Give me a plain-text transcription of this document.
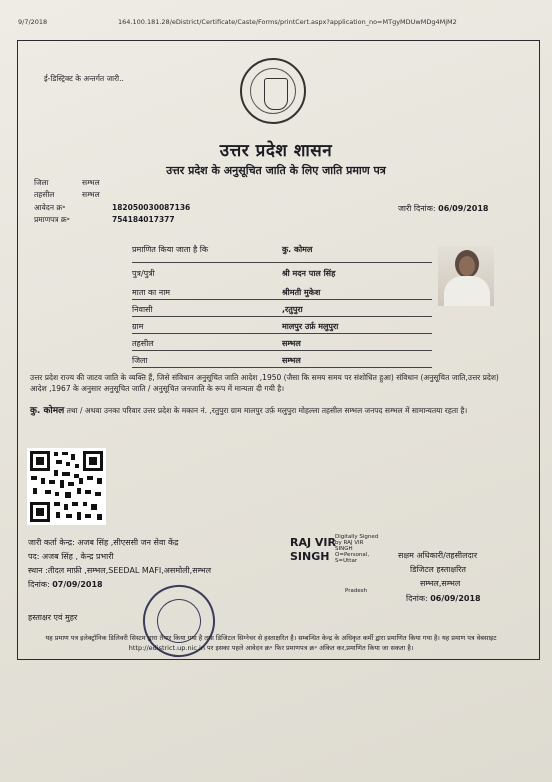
9/7/2018	164.100.181.28/eDistrict/Certificate/Caste/Forms/printCert.aspx?application_no=MTgyMDUwMDg4MjM2
ई-डिस्ट्रिक्ट के अन्तर्गत जारी..
उत्तर प्रदेश शासन
उत्तर प्रदेश के अनुसूचित जाति के लिए जाति प्रमाण पत्र
जिला	सम्भल
तहसील	सम्भल
आवेदन क्र॰	182050030087136
प्रमाणपत्र क्र॰	754184017377
जारी दिनांक: 06/09/2018
प्रमाणित किया जाता है कि	कु. कोमल
पुत्र/पुत्री	श्री मदन पाल सिंह
माता का नाम	श्रीमती मुकेश
निवासी	,रतुपुरा
ग्राम	मालपुर उर्फ़ मलुपुरा
तहसील	सम्भल
जिला	सम्भल
उत्तर प्रदेश राज्य की जाटव जाति के व्यक्ति हैं, जिसे संविधान अनुसूचित जाति आदेश ,1950 (जैसा कि समय समय पर संशोधित हुआ) संविधान (अनुसूचित जाति,उत्तर प्रदेश) आदेश ,1967 के अनुसार अनुसूचित जाति / अनुसूचित जनजाति के रूप में मान्यता दी गयी है।
कु. कोमल तथा / अथवा उनका परिवार उत्तर प्रदेश के मकान नं. ,रतुपुरा ग्राम मालपुर उर्फ़ मलुपुरा मोहल्ला तहसील सम्भल जनपद सम्भल में सामान्यतया रहता है।
जारी कर्ता केन्द्र: अजब सिंह ,सीएससी जन सेवा केंद्र
पद: अजब सिंह , केन्द्र प्रभारी
स्थान :तीदल माफ़ी ,सम्भल,SEEDAL MAFI,असमोली,सम्भल
दिनांक: 07/09/2018
हस्ताक्षर एवं मुहर
RAJ VIR
SINGH
Digitally Signed
by RAJ VIR
SINGH
O=Personal,
S=Uttar
Pradesh
सक्षम अधिकारी/तहसीलदार
डिजिटल हस्ताक्षरित
सम्भल,सम्भल
दिनांक: 06/09/2018
यह प्रमाण पत्र इलेक्ट्रॉनिक डिलिवरी सिस्टम द्वारा तैयार किया गया है तथा डिजिटल सिग्नेचर से हस्ताक्षरित है। सम्बन्धित केन्द्र के अधिकृत कर्मी द्वारा प्रमाणित किया गया है। यह प्रमाण पत्र वेबसाइट http://edistrict.up.nic.in पर इसका पहले आवेदन क्र॰ फिर प्रमाणपत्र क्र॰ अंकित कर,प्रमाणित किया जा सकता है।
